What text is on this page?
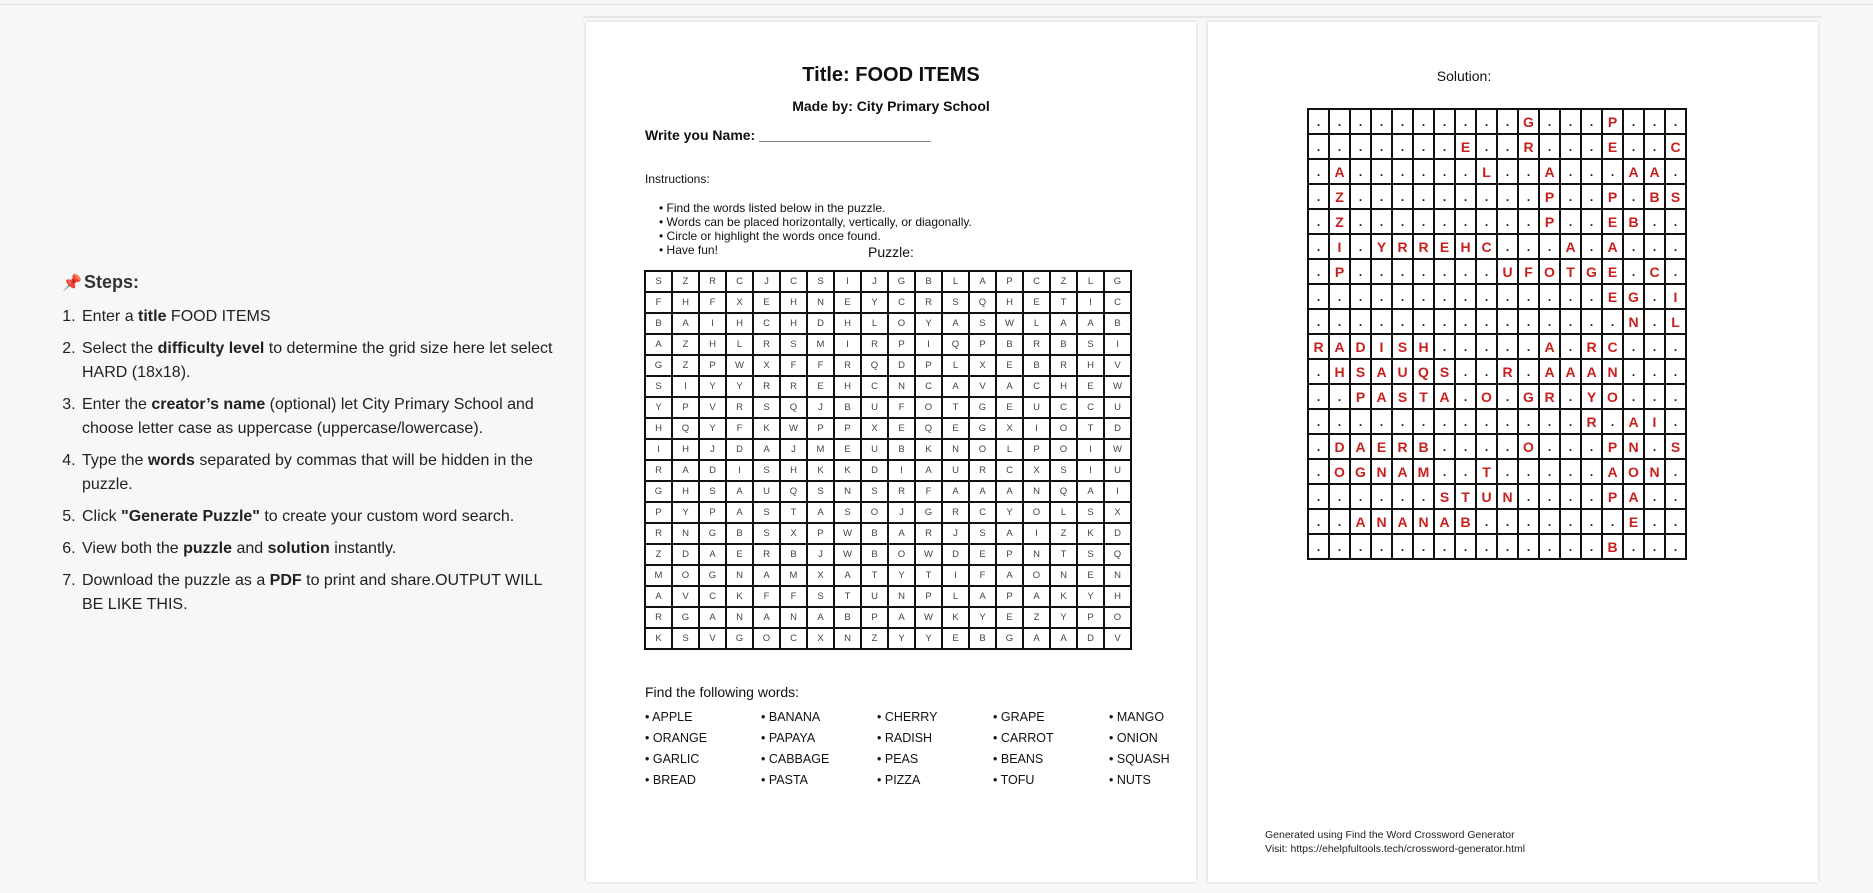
📌 Steps:
1. Enter a title FOOD ITEMS
2. Select the difficulty level to determine the grid size here let select HARD (18x18).
3. Enter the creator’s name (optional) let City Primary School and choose letter case as uppercase (uppercase/lowercase).
4. Type the words separated by commas that will be hidden in the puzzle.
5. Click "Generate Puzzle" to create your custom word search.
6. View both the puzzle and solution instantly.
7. Download the puzzle as a PDF to print and share.OUTPUT WILL BE LIKE THIS.
Title: FOOD ITEMS
Made by: City Primary School
Write you Name: ______________________
Instructions:
• Find the words listed below in the puzzle.
• Words can be placed horizontally, vertically, or diagonally.
• Circle or highlight the words once found.
• Have fun!	Puzzle:
S	Z	R	C	J	C	S	I	J	G	B	L	A	P	C	Z	L	G
F	H	F	X	E	H	N	E	Y	C	R	S	Q	H	E	T	I	C
B	A	I	H	C	H	D	H	L	O	Y	A	S	W	L	A	A	B
A	Z	H	L	R	S	M	I	R	P	I	Q	P	B	R	B	S	I
G	Z	P	W	X	F	F	R	Q	D	P	L	X	E	B	R	H	V
S	I	Y	Y	R	R	E	H	C	N	C	A	V	A	C	H	E	W
Y	P	V	R	S	Q	J	B	U	F	O	T	G	E	U	C	C	U
H	Q	Y	F	K	W	P	P	X	E	Q	E	G	X	I	O	T	D
I	H	J	D	A	J	M	E	U	B	K	N	O	L	P	O	I	W
R	A	D	I	S	H	K	K	D	I	A	U	R	C	X	S	I	U
G	H	S	A	U	Q	S	N	S	R	F	A	A	A	N	Q	A	I
P	Y	P	A	S	T	A	S	O	J	G	R	C	Y	O	L	S	X
R	N	G	B	S	X	P	W	B	A	R	J	S	A	I	Z	K	D
Z	D	A	E	R	B	J	W	B	O	W	D	E	P	N	T	S	Q
M	O	G	N	A	M	X	A	T	Y	T	I	F	A	O	N	E	N
A	V	C	K	F	F	S	T	U	N	P	L	A	P	A	K	Y	H
R	G	A	N	A	N	A	B	P	A	W	K	Y	E	Z	Y	P	O
K	S	V	G	O	C	X	N	Z	Y	Y	E	B	G	A	A	D	V
Find the following words:
• APPLE	• BANANA	• CHERRY	• GRAPE	• MANGO
• ORANGE	• PAPAYA	• RADISH	• CARROT	• ONION
• GARLIC	• CABBAGE	• PEAS	• BEANS	• SQUASH
• BREAD	• PASTA	• PIZZA	• TOFU	• NUTS
Solution:
.	.	.	.	.	.	.	.	.	.	G	.	.	.	P	.	.	.
.	.	.	.	.	.	.	E	.	.	R	.	.	.	E	.	.	C
.	A	.	.	.	.	.	.	L	.	.	A	.	.	.	A	A	.
.	Z	.	.	.	.	.	.	.	.	.	P	.	.	P	.	B	S
.	Z	.	.	.	.	.	.	.	.	.	P	.	.	E	B	.	.
.	I	.	Y	R	R	E	H	C	.	.	.	A	.	A	.	.	.
.	P	.	.	.	.	.	.	.	U	F	O	T	G	E	.	C	.
.	.	.	.	.	.	.	.	.	.	.	.	.	.	E	G	.	I
.	.	.	.	.	.	.	.	.	.	.	.	.	.	.	N	.	L
R	A	D	I	S	H	.	.	.	.	.	A	.	R	C	.	.	.
.	H	S	A	U	Q	S	.	.	R	.	A	A	A	N	.	.	.
.	.	P	A	S	T	A	.	O	.	G	R	.	Y	O	.	.	.
.	.	.	.	.	.	.	.	.	.	.	.	.	R	.	A	I	.
.	D	A	E	R	B	.	.	.	.	O	.	.	.	P	N	.	S
.	O	G	N	A	M	.	.	T	.	.	.	.	.	A	O	N	.
.	.	.	.	.	.	S	T	U	N	.	.	.	.	P	A	.	.
.	.	A	N	A	N	A	B	.	.	.	.	.	.	.	E	.	.
.	.	.	.	.	.	.	.	.	.	.	.	.	.	B	.	.	.
Generated using Find the Word Crossword Generator
Visit: https://ehelpfultools.tech/crossword-generator.html
